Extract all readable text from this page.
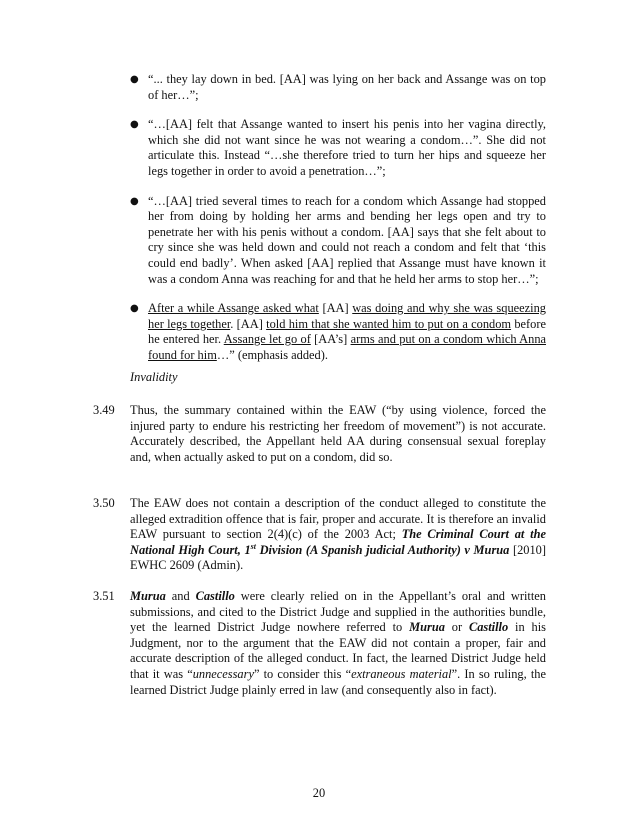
● “... they lay down in bed. [AA] was lying on her back and Assange was on top of her…”;
● “…[AA] felt that Assange wanted to insert his penis into her vagina directly, which she did not want since he was not wearing a condom…”. She did not articulate this. Instead “…she therefore tried to turn her hips and squeeze her legs together in order to avoid a penetration…”;
● “…[AA] tried several times to reach for a condom which Assange had stopped her from doing by holding her arms and bending her legs open and try to penetrate her with his penis without a condom. [AA] says that she felt about to cry since she was held down and could not reach a condom and felt that ‘this could end badly’. When asked [AA] replied that Assange must have known it was a condom Anna was reaching for and that he held her arms to stop her…”;
● After a while Assange asked what [AA] was doing and why she was squeezing her legs together. [AA] told him that she wanted him to put on a condom before he entered her. Assange let go of [AA’s] arms and put on a condom which Anna found for him…” (emphasis added).
Invalidity
3.49	Thus, the summary contained within the EAW (“by using violence, forced the injured party to endure his restricting her freedom of movement”) is not accurate. Accurately described, the Appellant held AA during consensual sexual foreplay and, when actually asked to put on a condom, did so.
3.50	The EAW does not contain a description of the conduct alleged to constitute the alleged extradition offence that is fair, proper and accurate. It is therefore an invalid EAW pursuant to section 2(4)(c) of the 2003 Act; The Criminal Court at the National High Court, 1st Division (A Spanish judicial Authority) v Murua [2010] EWHC 2609 (Admin).
3.51	Murua and Castillo were clearly relied on in the Appellant’s oral and written submissions, and cited to the District Judge and supplied in the authorities bundle, yet the learned District Judge nowhere referred to Murua or Castillo in his Judgment, nor to the argument that the EAW did not contain a proper, fair and accurate description of the alleged conduct. In fact, the learned District Judge held that it was “unnecessary” to consider this “extraneous material”. In so ruling, the learned District Judge plainly erred in law (and consequently also in fact).
20
